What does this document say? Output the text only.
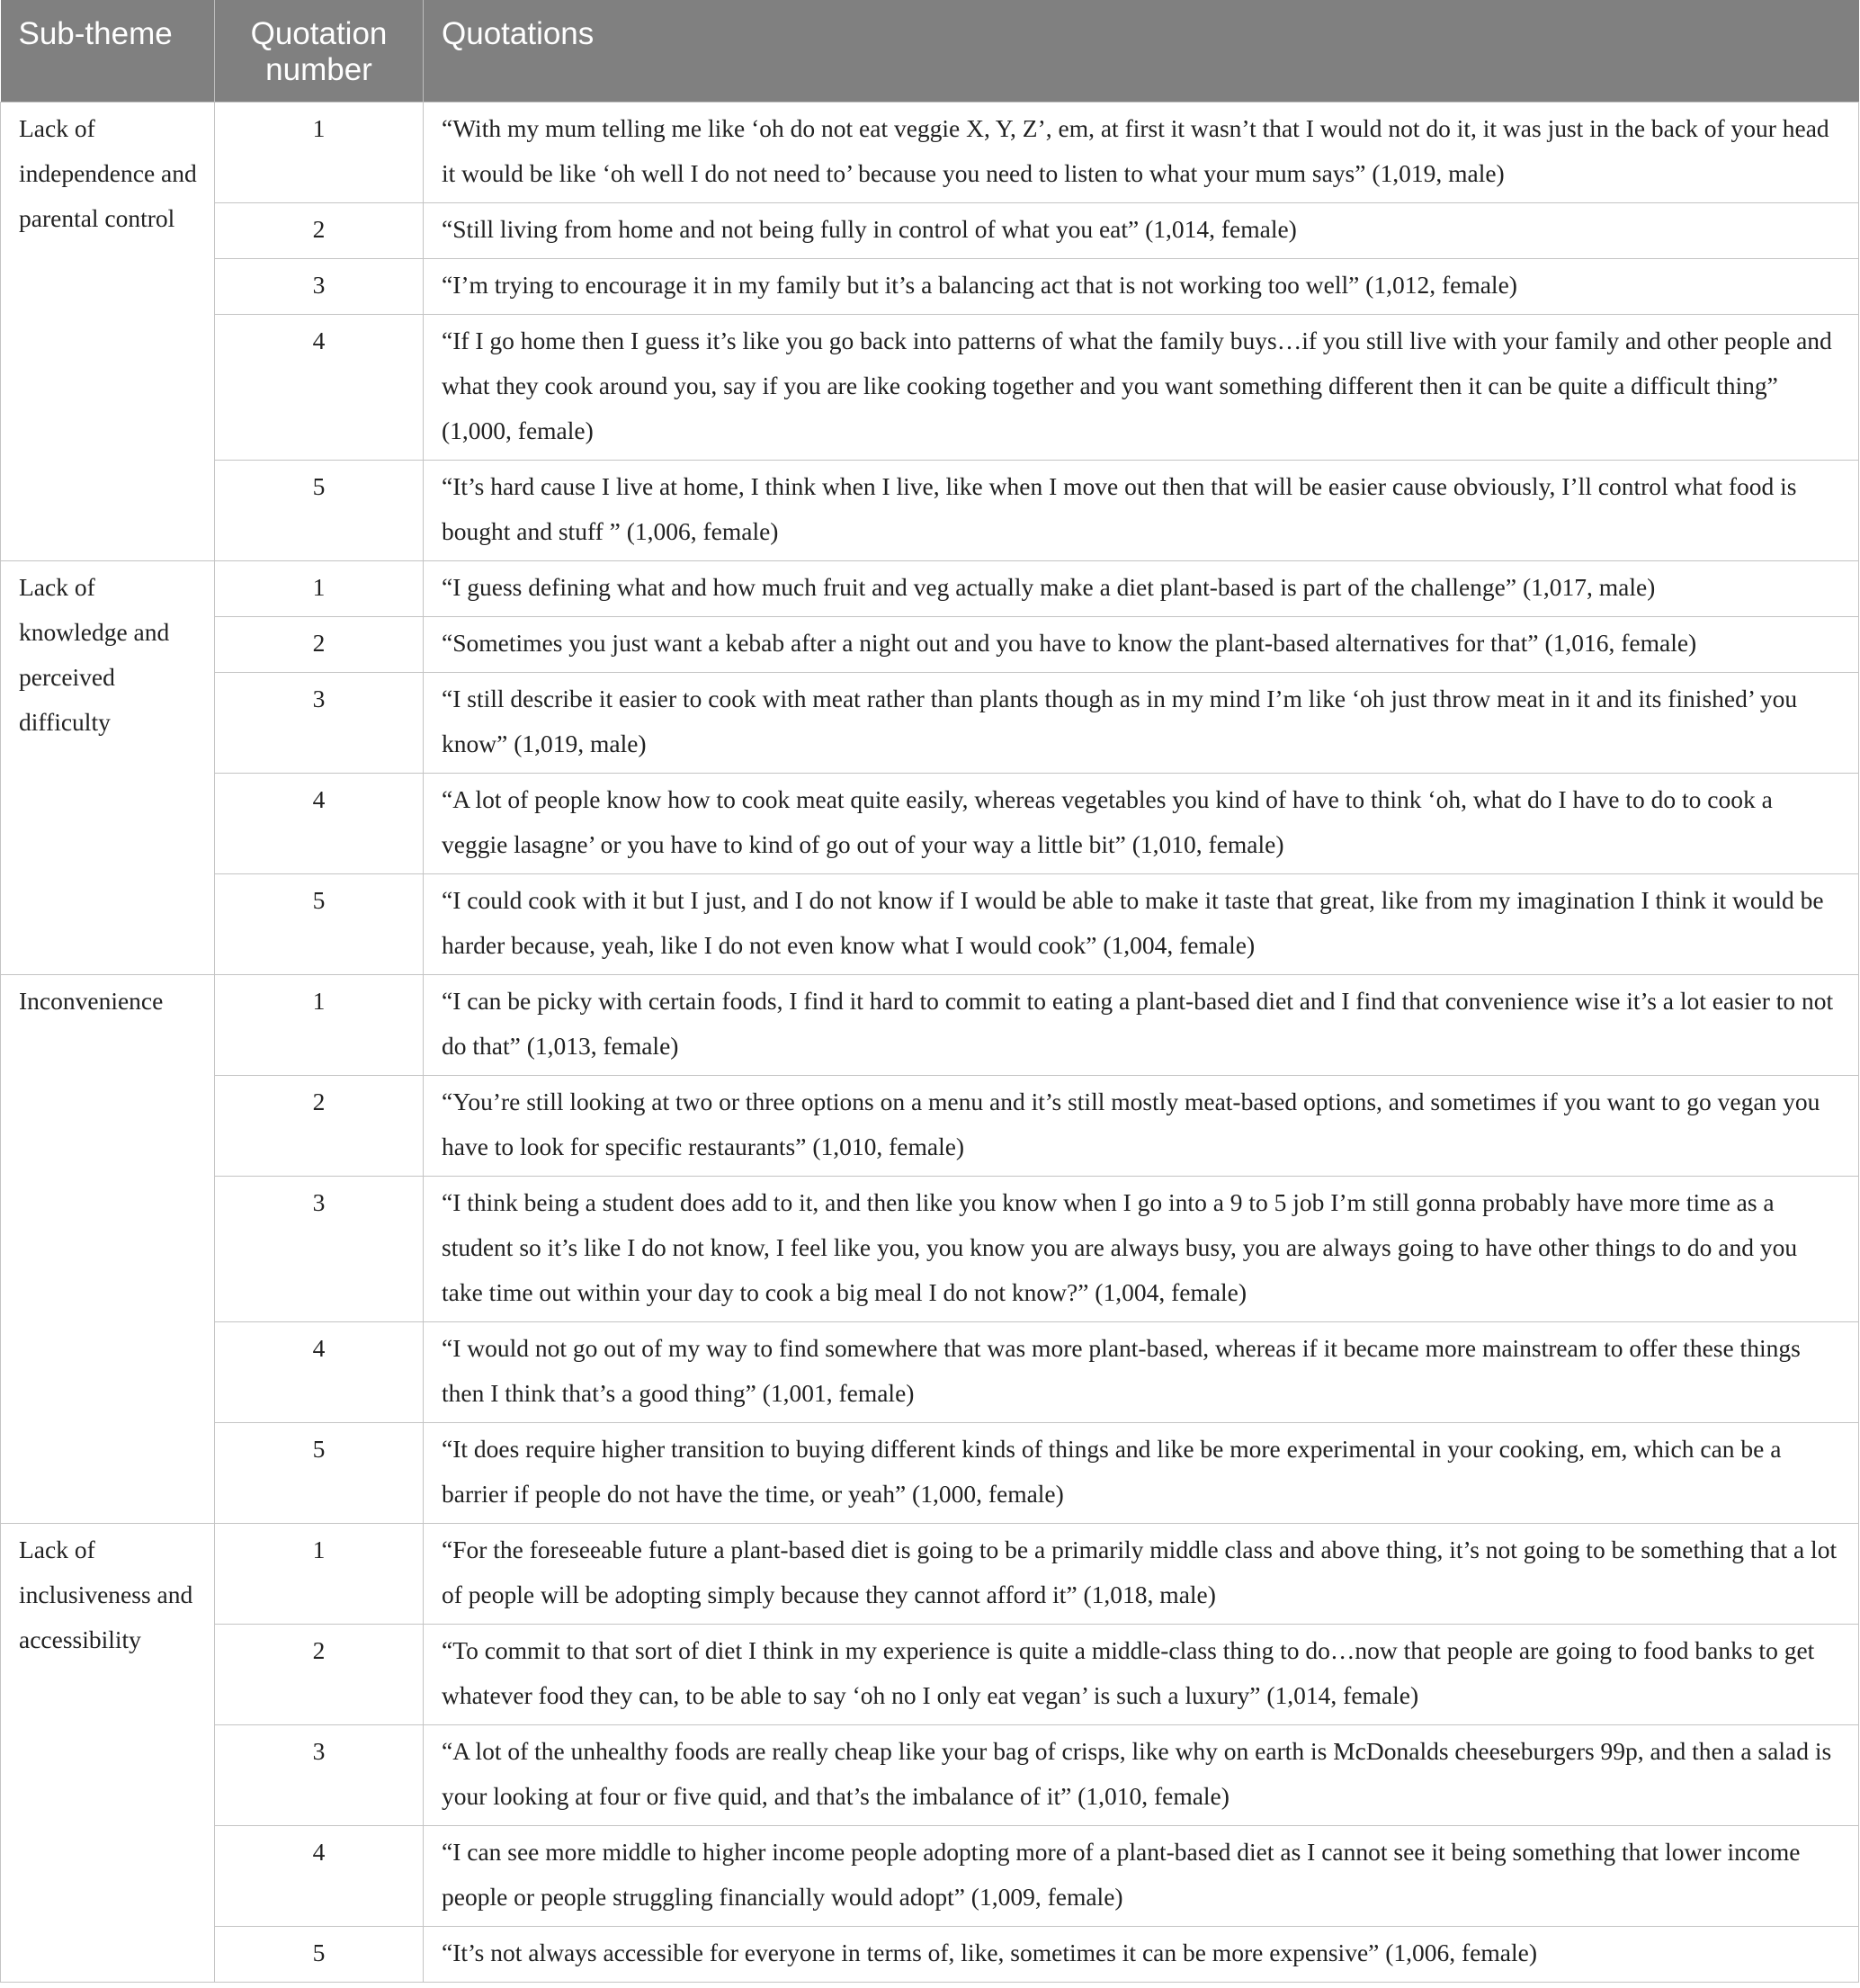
Sub-theme	Quotation number	Quotations
Lack of independence and parental control	1	“With my mum telling me like ‘oh do not eat veggie X, Y, Z’, em, at first it wasn’t that I would not do it, it was just in the back of your head it would be like ‘oh well I do not need to’ because you need to listen to what your mum says” (1,019, male)
	2	“Still living from home and not being fully in control of what you eat” (1,014, female)
	3	“I’m trying to encourage it in my family but it’s a balancing act that is not working too well” (1,012, female)
	4	“If I go home then I guess it’s like you go back into patterns of what the family buys…if you still live with your family and other people and what they cook around you, say if you are like cooking together and you want something different then it can be quite a difficult thing” (1,000, female)
	5	“It’s hard cause I live at home, I think when I live, like when I move out then that will be easier cause obviously, I’ll control what food is bought and stuff ” (1,006, female)
Lack of knowledge and perceived difficulty	1	“I guess defining what and how much fruit and veg actually make a diet plant-based is part of the challenge” (1,017, male)
	2	“Sometimes you just want a kebab after a night out and you have to know the plant-based alternatives for that” (1,016, female)
	3	“I still describe it easier to cook with meat rather than plants though as in my mind I’m like ‘oh just throw meat in it and its finished’ you know” (1,019, male)
	4	“A lot of people know how to cook meat quite easily, whereas vegetables you kind of have to think ‘oh, what do I have to do to cook a veggie lasagne’ or you have to kind of go out of your way a little bit” (1,010, female)
	5	“I could cook with it but I just, and I do not know if I would be able to make it taste that great, like from my imagination I think it would be harder because, yeah, like I do not even know what I would cook” (1,004, female)
Inconvenience	1	“I can be picky with certain foods, I find it hard to commit to eating a plant-based diet and I find that convenience wise it’s a lot easier to not do that” (1,013, female)
	2	“You’re still looking at two or three options on a menu and it’s still mostly meat-based options, and sometimes if you want to go vegan you have to look for specific restaurants” (1,010, female)
	3	“I think being a student does add to it, and then like you know when I go into a 9 to 5 job I’m still gonna probably have more time as a student so it’s like I do not know, I feel like you, you know you are always busy, you are always going to have other things to do and you take time out within your day to cook a big meal I do not know?” (1,004, female)
	4	“I would not go out of my way to find somewhere that was more plant-based, whereas if it became more mainstream to offer these things then I think that’s a good thing” (1,001, female)
	5	“It does require higher transition to buying different kinds of things and like be more experimental in your cooking, em, which can be a barrier if people do not have the time, or yeah” (1,000, female)
Lack of inclusiveness and accessibility	1	“For the foreseeable future a plant-based diet is going to be a primarily middle class and above thing, it’s not going to be something that a lot of people will be adopting simply because they cannot afford it” (1,018, male)
	2	“To commit to that sort of diet I think in my experience is quite a middle-class thing to do…now that people are going to food banks to get whatever food they can, to be able to say ‘oh no I only eat vegan’ is such a luxury” (1,014, female)
	3	“A lot of the unhealthy foods are really cheap like your bag of crisps, like why on earth is McDonalds cheeseburgers 99p, and then a salad is your looking at four or five quid, and that’s the imbalance of it” (1,010, female)
	4	“I can see more middle to higher income people adopting more of a plant-based diet as I cannot see it being something that lower income people or people struggling financially would adopt” (1,009, female)
	5	“It’s not always accessible for everyone in terms of, like, sometimes it can be more expensive” (1,006, female)
